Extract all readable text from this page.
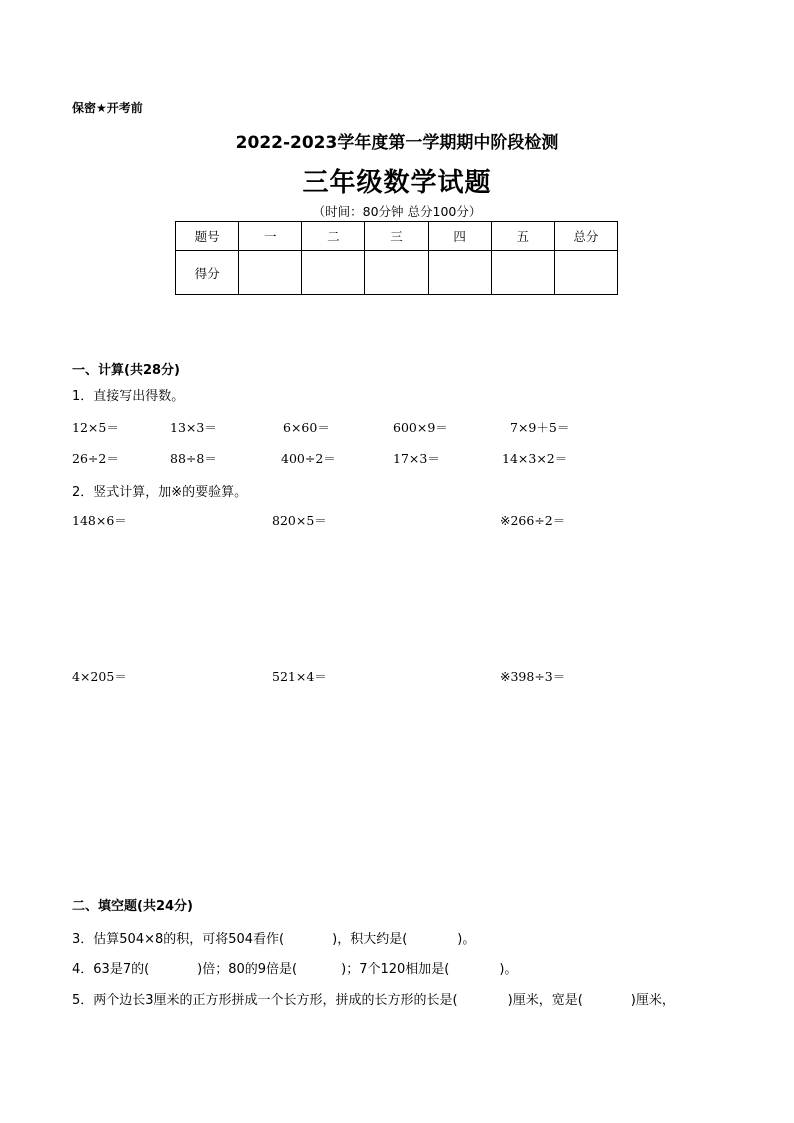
保密★开考前
2022-2023学年度第一学期期中阶段检测
三年级数学试题
（时间：80分钟 总分100分）
题号	一	二	三	四	五	总分
得分						
一、计算(共28分)
1．直接写出得数。
12×5＝	13×3＝	6×60＝	600×9＝	7×9＋5＝
26÷2＝	88÷8＝	400÷2＝	17×3＝	14×3×2＝
2．竖式计算，加※的要验算。
148×6＝	820×5＝	※266÷2＝
4×205＝	521×4＝	※398÷3＝
二、填空题(共24分)
3．估算504×8的积，可将504看作(	)，积大约是(	)。
4．63是7的(	)倍；80的9倍是(	)；7个120相加是(	)。
5．两个边长3厘米的正方形拼成一个长方形，拼成的长方形的长是(	)厘米，宽是(	)厘米，
